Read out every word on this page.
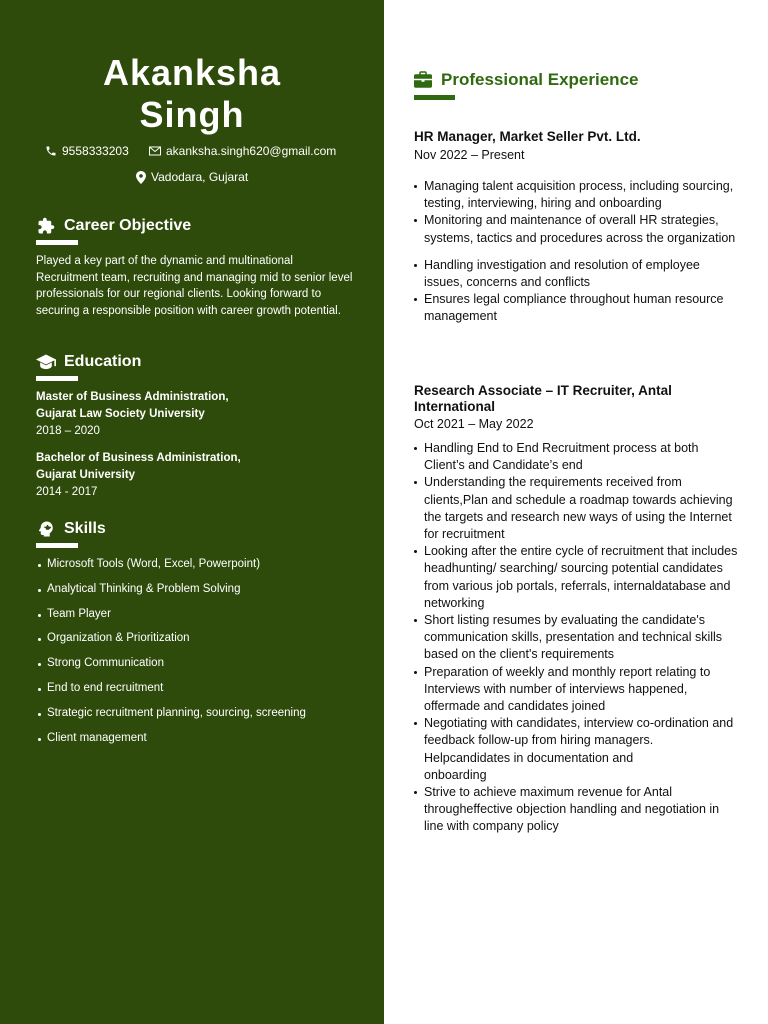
Akanksha
Singh
9558333203	akanksha.singh620@gmail.com
Vadodara, Gujarat
Career Objective
Played a key part of the dynamic and multinational Recruitment team, recruiting and managing mid to senior level professionals for our regional clients. Looking forward to securing a responsible position with career growth potential.
Education
Master of Business Administration,
Gujarat Law Society University
2018 – 2020
Bachelor of Business Administration,
Gujarat University
2014 - 2017
Skills
Microsoft Tools (Word, Excel, Powerpoint)
Analytical Thinking & Problem Solving
Team Player
Organization & Prioritization
Strong Communication
End to end recruitment
Strategic recruitment planning, sourcing, screening
Client management
Professional Experience
HR Manager, Market Seller Pvt. Ltd.
Nov 2022 – Present
Managing talent acquisition process, including sourcing, testing, interviewing, hiring and onboarding
Monitoring and maintenance of overall HR strategies, systems, tactics and procedures across the organization
Handling investigation and resolution of employee issues, concerns and conflicts
Ensures legal compliance throughout human resource management
Research Associate – IT Recruiter, Antal International
Oct 2021 – May 2022
Handling End to End Recruitment process at both Client’s and Candidate’s end
Understanding the requirements received from clients,Plan and schedule a roadmap towards achieving the targets and research new ways of using the Internet for recruitment
Looking after the entire cycle of recruitment that includes headhunting/ searching/ sourcing potential candidates from various job portals, referrals, internaldatabase and networking
Short listing resumes by evaluating the candidate's communication skills, presentation and technical skills
based on the client's requirements
Preparation of weekly and monthly report relating to Interviews with number of interviews happened, offermade and candidates joined
Negotiating with candidates, interview co-ordination and feedback follow-up from hiring managers. Helpcandidates in documentation and
onboarding
Strive to achieve maximum revenue for Antal througheffective objection handling and negotiation in line with company policy
